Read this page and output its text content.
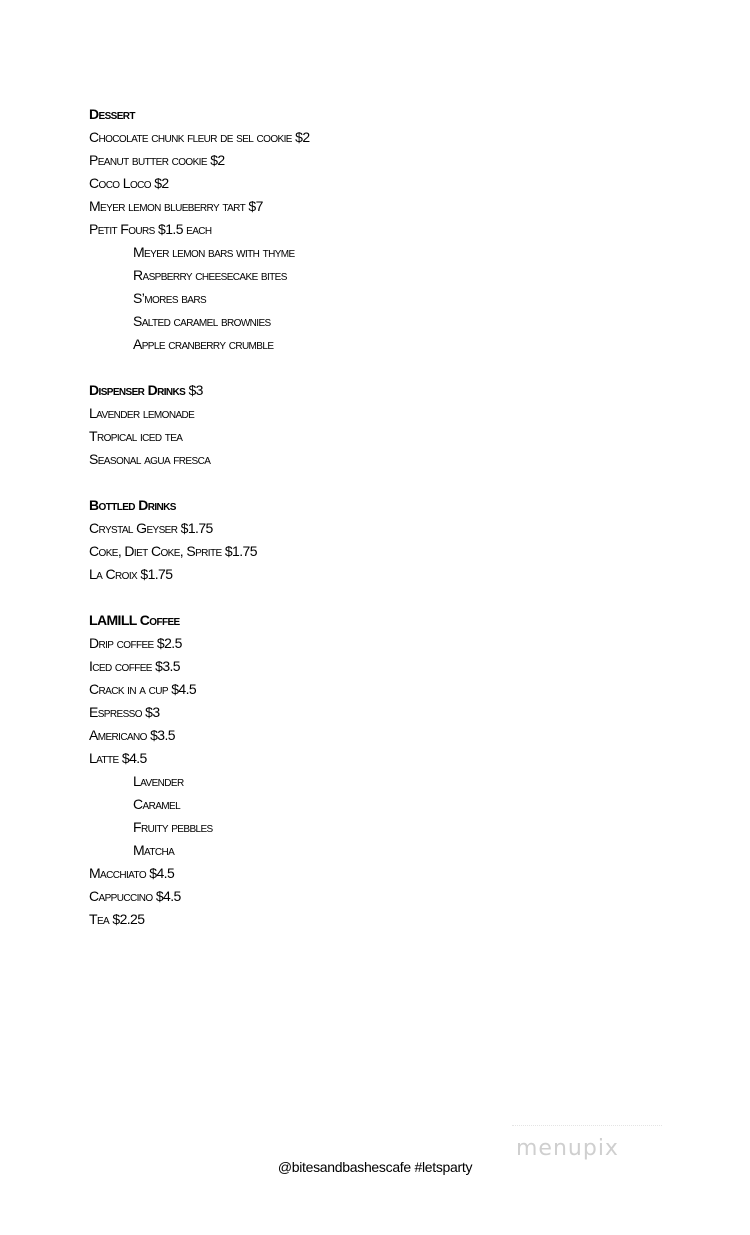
Dessert
Chocolate chunk fleur de sel cookie $2
Peanut butter cookie $2
Coco Loco $2
Meyer lemon blueberry tart $7
Petit Fours $1.5 each
Meyer lemon bars with thyme
Raspberry cheesecake bites
S’mores bars
Salted caramel brownies
Apple cranberry crumble
Dispenser Drinks $3
Lavender lemonade
Tropical iced tea
Seasonal agua fresca
Bottled Drinks
Crystal Geyser $1.75
Coke, Diet Coke, Sprite $1.75
La Croix $1.75
LAMILL Coffee
Drip coffee $2.5
Iced coffee $3.5
Crack in a cup $4.5
Espresso $3
Americano $3.5
Latte $4.5
Lavender
Caramel
Fruity pebbles
Matcha
Macchiato $4.5
Cappuccino $4.5
Tea $2.25
menupix
@bitesandbashescafe #letsparty
